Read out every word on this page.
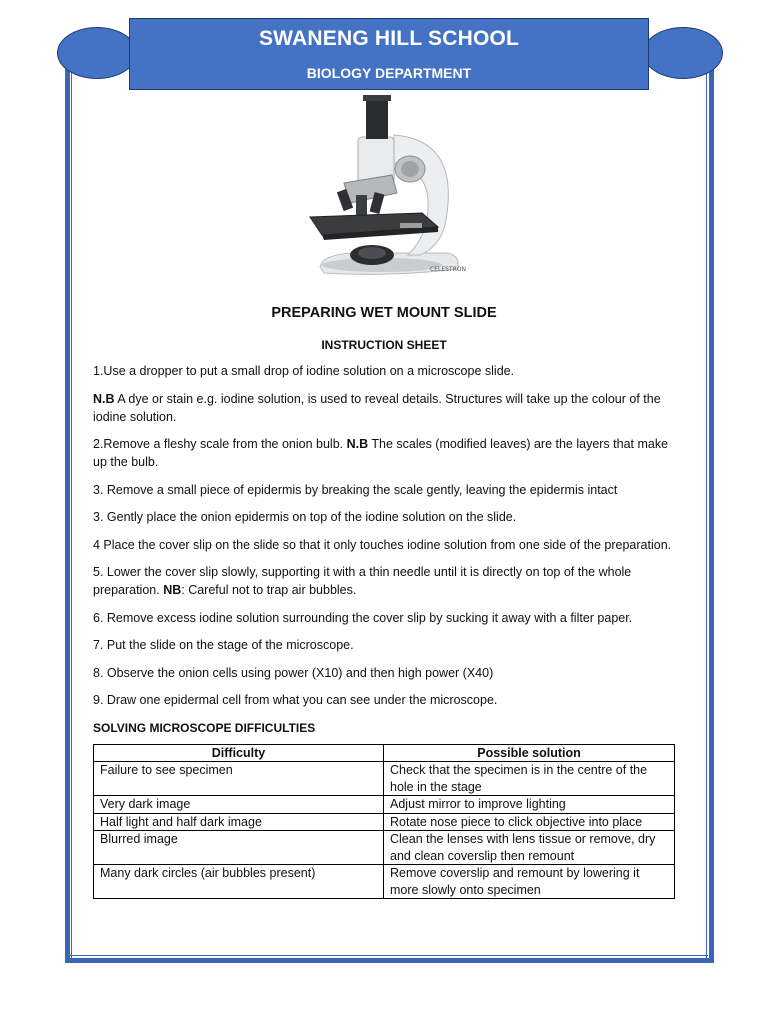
SWANENG HILL SCHOOL
BIOLOGY DEPARTMENT
CELESTRON
PREPARING WET MOUNT SLIDE
INSTRUCTION SHEET
1.Use a dropper to put a small drop of iodine solution on a microscope slide.
N.B A dye or stain e.g. iodine solution, is used to reveal details. Structures will take up the colour of the iodine solution.
2.Remove a fleshy scale from the onion bulb. N.B The scales (modified leaves) are the layers that make up the bulb.
3. Remove a small piece of epidermis by breaking the scale gently, leaving the epidermis intact
3. Gently place the onion epidermis on top of the iodine solution on the slide.
4 Place the cover slip on the slide so that it only touches iodine solution from one side of the preparation.
5. Lower the cover slip slowly, supporting it with a thin needle until it is directly on top of the whole preparation. NB: Careful not to trap air bubbles.
6. Remove excess iodine solution surrounding the cover slip by sucking it away with a filter paper.
7. Put the slide on the stage of the microscope.
8. Observe the onion cells using power (X10) and then high power (X40)
9. Draw one epidermal cell from what you can see under the microscope.
SOLVING MICROSCOPE DIFFICULTIES
Difficulty	Possible solution
Failure to see specimen	Check that the specimen is in the centre of the hole in the stage
Very dark image	Adjust mirror to improve lighting
Half light and half dark image	Rotate nose piece to click objective into place
Blurred image	Clean the lenses with lens tissue or remove, dry and clean coverslip then remount
Many dark circles (air bubbles present)	Remove coverslip and remount by lowering it more slowly onto specimen
